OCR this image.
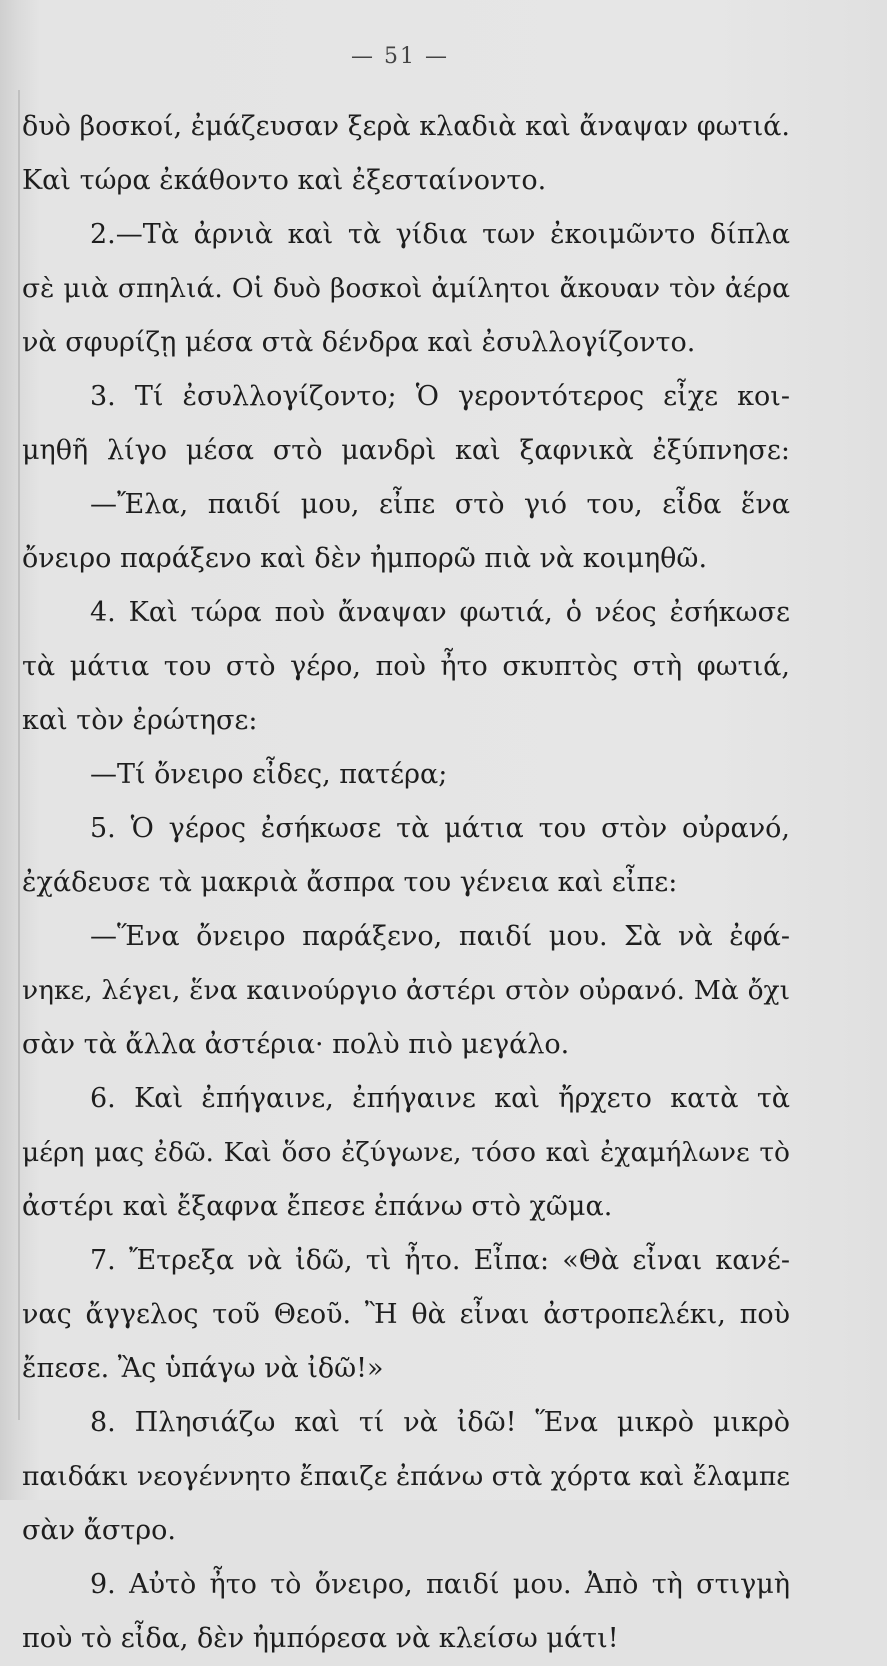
— 51 —
δυὸ βοσκοί, ἐμάζευσαν ξερὰ κλαδιὰ καὶ ἄναψαν φωτιά.
Καὶ τώρα ἐκάθοντο καὶ ἐξεσταίνοντο.
2.—Τὰ ἀρνιὰ καὶ τὰ γίδια των ἐκοιμῶντο δίπλα
σὲ μιὰ σπηλιά. Οἱ δυὸ βοσκοὶ ἀμίλητοι ἄκουαν τὸν ἀέρα
νὰ σφυρίζῃ μέσα στὰ δένδρα καὶ ἐσυλλογίζοντο.
3. Τί ἐσυλλογίζοντο; Ὁ γεροντότερος εἶχε κοι-
μηθῆ λίγο μέσα στὸ μανδρὶ καὶ ξαφνικὰ ἐξύπνησε:
—Ἔλα, παιδί μου, εἶπε στὸ γιό του, εἶδα ἕνα
ὄνειρο παράξενο καὶ δὲν ἠμπορῶ πιὰ νὰ κοιμηθῶ.
4. Καὶ τώρα ποὺ ἄναψαν φωτιά, ὁ νέος ἐσήκωσε
τὰ μάτια του στὸ γέρο, ποὺ ἦτο σκυπτὸς στὴ φωτιά,
καὶ τὸν ἐρώτησε:
—Τί ὄνειρο εἶδες, πατέρα;
5. Ὁ γέρος ἐσήκωσε τὰ μάτια του στὸν οὐρανό,
ἐχάδευσε τὰ μακριὰ ἄσπρα του γένεια καὶ εἶπε:
—Ἕνα ὄνειρο παράξενο, παιδί μου. Σὰ νὰ ἐφά-
νηκε, λέγει, ἕνα καινούργιο ἀστέρι στὸν οὐρανό. Μὰ ὄχι
σὰν τὰ ἄλλα ἀστέρια· πολὺ πιὸ μεγάλο.
6. Καὶ ἐπήγαινε, ἐπήγαινε καὶ ἤρχετο κατὰ τὰ
μέρη μας ἐδῶ. Καὶ ὅσο ἐζύγωνε, τόσο καὶ ἐχαμήλωνε τὸ
ἀστέρι καὶ ἔξαφνα ἔπεσε ἐπάνω στὸ χῶμα.
7. Ἔτρεξα νὰ ἰδῶ, τὶ ἦτο. Εἶπα: «Θὰ εἶναι κανέ-
νας ἄγγελος τοῦ Θεοῦ. Ἢ θὰ εἶναι ἀστροπελέκι, ποὺ
ἔπεσε. Ἂς ὑπάγω νὰ ἰδῶ!»
8. Πλησιάζω καὶ τί νὰ ἰδῶ! Ἕνα μικρὸ μικρὸ
παιδάκι νεογέννητο ἔπαιζε ἐπάνω στὰ χόρτα καὶ ἔλαμπε
σὰν ἄστρο.
9. Αὐτὸ ἦτο τὸ ὄνειρο, παιδί μου. Ἀπὸ τὴ στιγμὴ
ποὺ τὸ εἶδα, δὲν ἠμπόρεσα νὰ κλείσω μάτι!
